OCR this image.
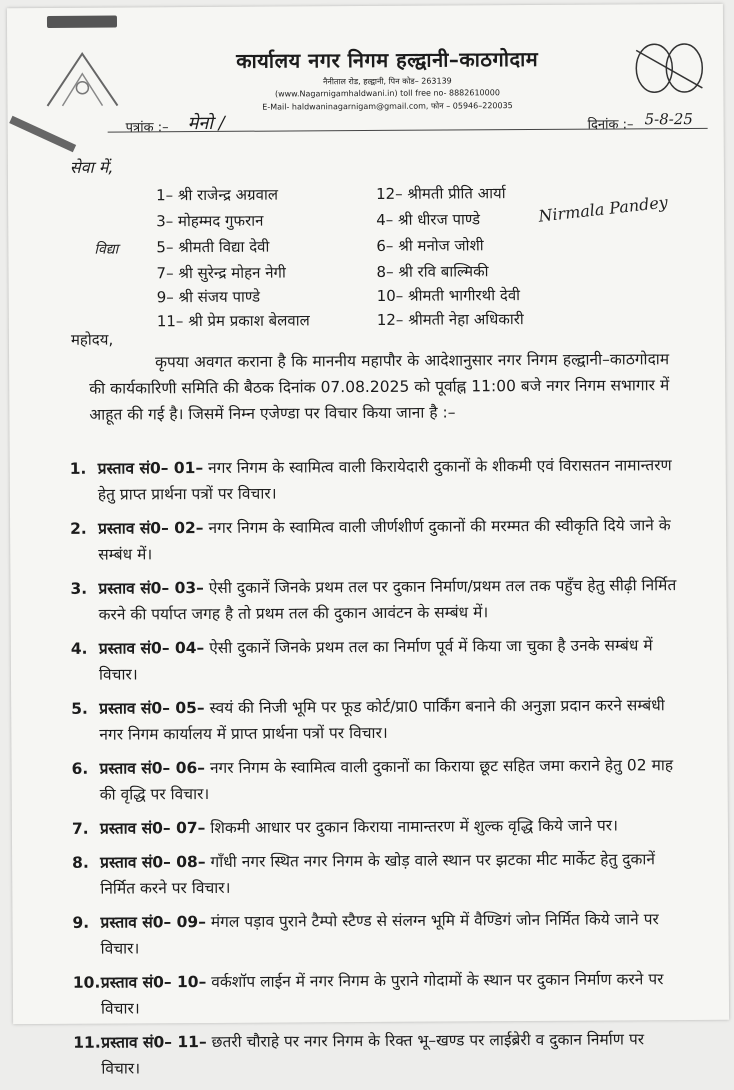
कार्यालय नगर निगम हल्द्वानी–काठगोदाम
नैनीताल रोड, हल्द्वानी, पिन कोड– 263139
(www.Nagarnigamhaldwani.in) toll free no- 8882610000
E-Mail- haldwaninagarnigam@gmail.com, फोन – 05946–220035
पत्रांक :– मेनो /	दिनांक :– 5-8-25
सेवा में,
1– श्री राजेन्द्र अग्रवाल
3– मोहम्मद गुफरान
5– श्रीमती विद्या देवी
7– श्री सुरेन्द्र मोहन नेगी
9– श्री संजय पाण्डे
11– श्री प्रेम प्रकाश बेलवाल
12– श्रीमती प्रीति आर्या
4– श्री धीरज पाण्डे
6– श्री मनोज जोशी
8– श्री रवि बाल्मिकी
10– श्रीमती भागीरथी देवी
12– श्रीमती नेहा अधिकारी
Nirmala Pandey
विद्या
महोदय,
कृपया अवगत कराना है कि माननीय महापौर के आदेशानुसार नगर निगम हल्द्वानी–काठगोदाम की कार्यकारिणी समिति की बैठक दिनांक 07.08.2025 को पूर्वाह्न 11:00 बजे नगर निगम सभागार में आहूत की गई है। जिसमें निम्न एजेण्डा पर विचार किया जाना है :–
1. प्रस्ताव सं0– 01– नगर निगम के स्वामित्व वाली किरायेदारी दुकानों के शीकमी एवं विरासतन नामान्तरण हेतु प्राप्त प्रार्थना पत्रों पर विचार।
2. प्रस्ताव सं0– 02– नगर निगम के स्वामित्व वाली जीर्णशीर्ण दुकानों की मरम्मत की स्वीकृति दिये जाने के सम्बंध में।
3. प्रस्ताव सं0– 03– ऐसी दुकानें जिनके प्रथम तल पर दुकान निर्माण/प्रथम तल तक पहुँच हेतु सीढ़ी निर्मित करने की पर्याप्त जगह है तो प्रथम तल की दुकान आवंटन के सम्बंध में।
4. प्रस्ताव सं0– 04– ऐसी दुकानें जिनके प्रथम तल का निर्माण पूर्व में किया जा चुका है उनके सम्बंध में विचार।
5. प्रस्ताव सं0– 05– स्वयं की निजी भूमि पर फूड कोर्ट/प्रा0 पार्किंग बनाने की अनुज्ञा प्रदान करने सम्बंधी नगर निगम कार्यालय में प्राप्त प्रार्थना पत्रों पर विचार।
6. प्रस्ताव सं0– 06– नगर निगम के स्वामित्व वाली दुकानों का किराया छूट सहित जमा कराने हेतु 02 माह की वृद्धि पर विचार।
7. प्रस्ताव सं0– 07– शिकमी आधार पर दुकान किराया नामान्तरण में शुल्क वृद्धि किये जाने पर।
8. प्रस्ताव सं0– 08– गाँधी नगर स्थित नगर निगम के खोड़ वाले स्थान पर झटका मीट मार्केट हेतु दुकानें निर्मित करने पर विचार।
9. प्रस्ताव सं0– 09– मंगल पड़ाव पुराने टैम्पो स्टैण्ड से संलग्न भूमि में वैण्डिगं जोन निर्मित किये जाने पर विचार।
10. प्रस्ताव सं0– 10– वर्कशॉप लाईन में नगर निगम के पुराने गोदामों के स्थान पर दुकान निर्माण करने पर विचार।
11. प्रस्ताव सं0– 11– छतरी चौराहे पर नगर निगम के रिक्त भू–खण्ड पर लाईब्रेरी व दुकान निर्माण पर विचार।
